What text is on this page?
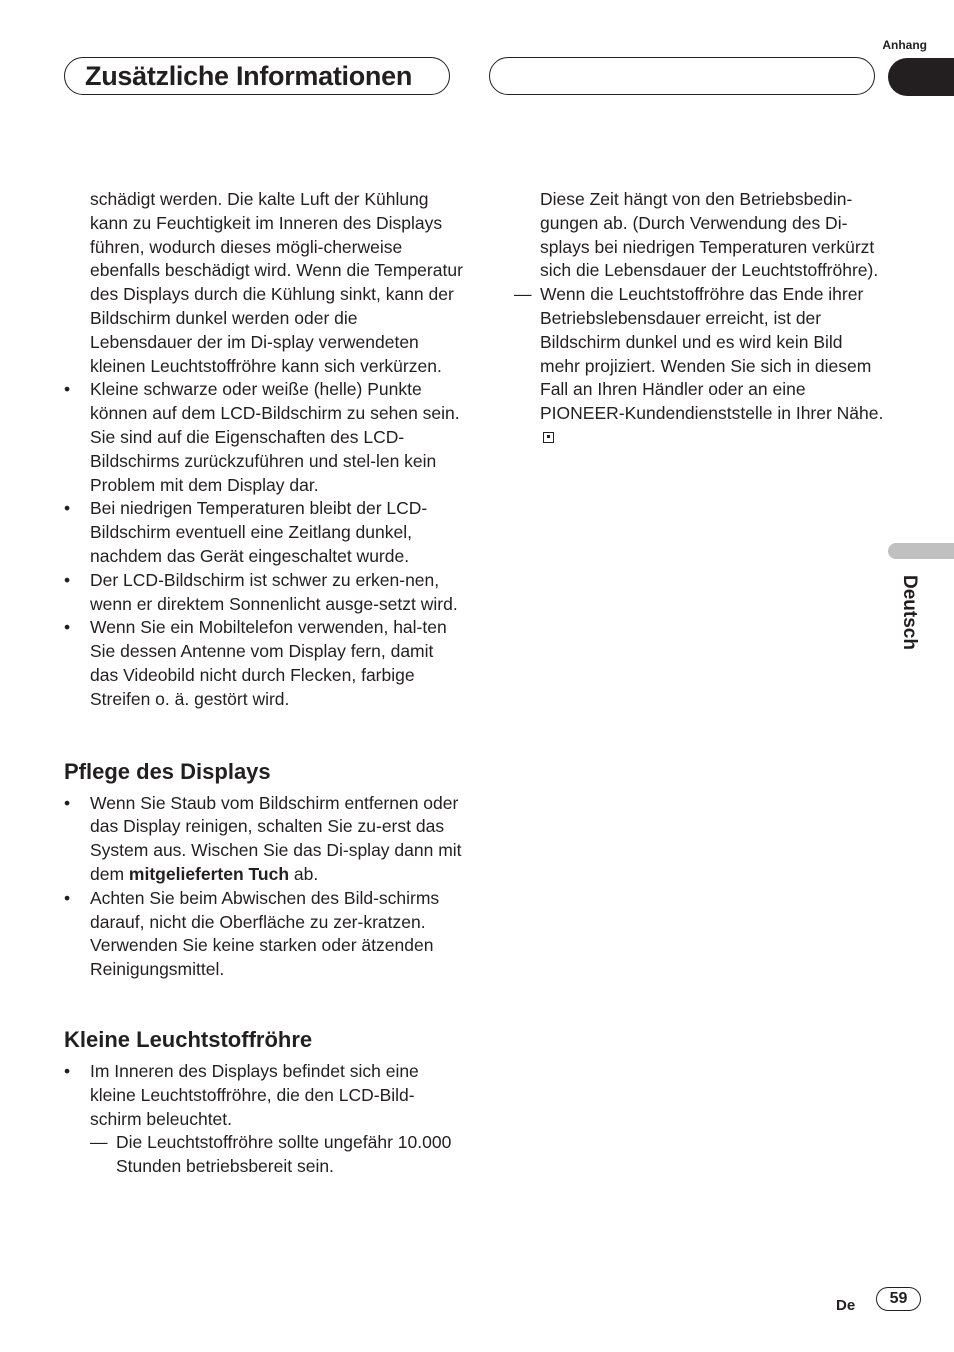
Anhang
Zusätzliche Informationen
Deutsch
schädigt werden. Die kalte Luft der Kühlung kann zu Feuchtigkeit im Inneren des Displays führen, wodurch dieses mögli-cherweise ebenfalls beschädigt wird. Wenn die Temperatur des Displays durch die Kühlung sinkt, kann der Bildschirm dunkel werden oder die Lebensdauer der im Di-splay verwendeten kleinen Leuchtstoffröhre kann sich verkürzen.
• Kleine schwarze oder weiße (helle) Punkte können auf dem LCD-Bildschirm zu sehen sein. Sie sind auf die Eigenschaften des LCD-Bildschirms zurückzuführen und stel-len kein Problem mit dem Display dar.
• Bei niedrigen Temperaturen bleibt der LCD-Bildschirm eventuell eine Zeitlang dunkel, nachdem das Gerät eingeschaltet wurde.
• Der LCD-Bildschirm ist schwer zu erken-nen, wenn er direktem Sonnenlicht ausge-setzt wird.
• Wenn Sie ein Mobiltelefon verwenden, hal-ten Sie dessen Antenne vom Display fern, damit das Videobild nicht durch Flecken, farbige Streifen o. ä. gestört wird.
Pflege des Displays
• Wenn Sie Staub vom Bildschirm entfernen oder das Display reinigen, schalten Sie zu-erst das System aus. Wischen Sie das Di-splay dann mit dem mitgelieferten Tuch ab.
• Achten Sie beim Abwischen des Bild-schirms darauf, nicht die Oberfläche zu zer-kratzen. Verwenden Sie keine starken oder ätzenden Reinigungsmittel.
Kleine Leuchtstoffröhre
• Im Inneren des Displays befindet sich eine kleine Leuchtstoffröhre, die den LCD-Bild-schirm beleuchtet.
— Die Leuchtstoffröhre sollte ungefähr 10.000 Stunden betriebsbereit sein.
Diese Zeit hängt von den Betriebsbedin-gungen ab. (Durch Verwendung des Di-splays bei niedrigen Temperaturen verkürzt sich die Lebensdauer der Leuchtstoffröhre).
— Wenn die Leuchtstoffröhre das Ende ihrer Betriebslebensdauer erreicht, ist der Bildschirm dunkel und es wird kein Bild mehr projiziert. Wenden Sie sich in diesem Fall an Ihren Händler oder an eine PIONEER-Kundendienststelle in Ihrer Nähe.
De	59
